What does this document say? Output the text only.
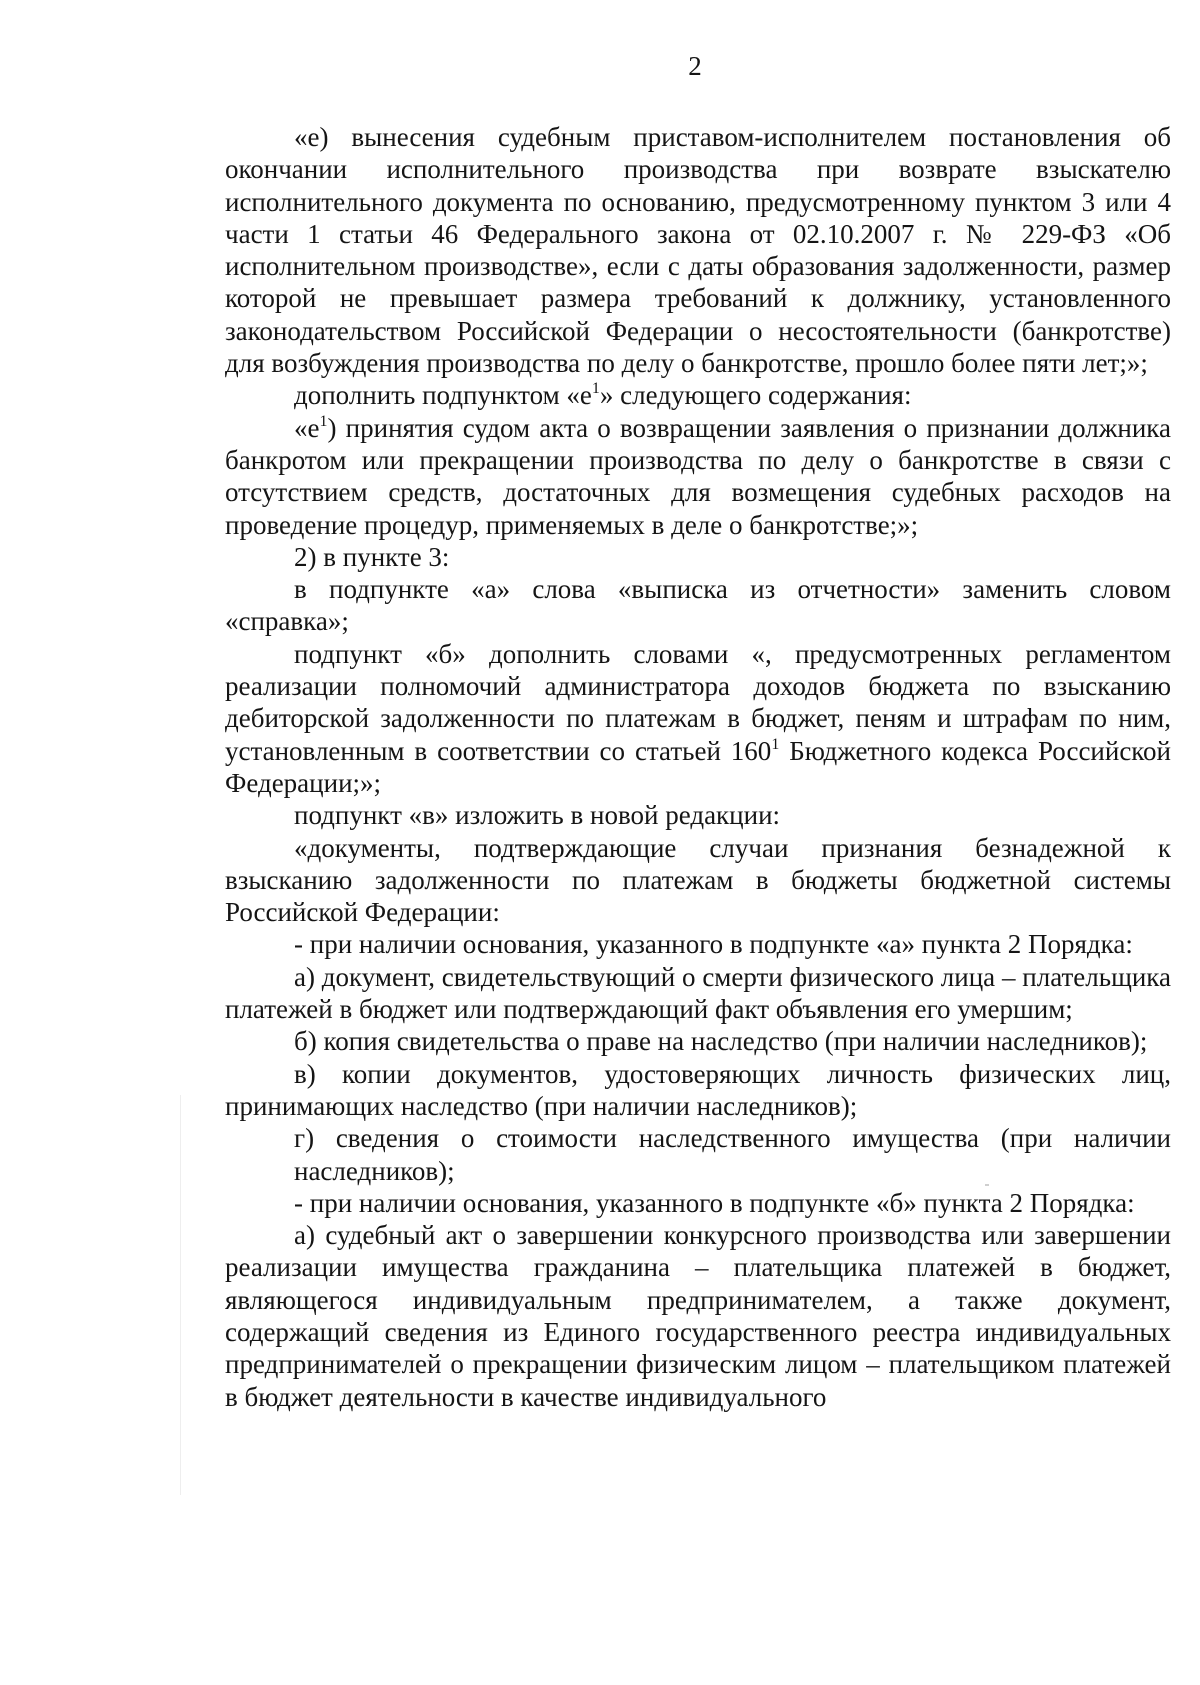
2

«е) вынесения судебным приставом-исполнителем постановления об окончании исполнительного производства при возврате взыскателю исполнительного документа по основанию, предусмотренному пунктом 3 или 4 части 1 статьи 46 Федерального закона от 02.10.2007 г. № 229-ФЗ «Об исполнительном производстве», если с даты образования задолженности, размер которой не превышает размера требований к должнику, установленного законодательством Российской Федерации о несостоятельности (банкротстве) для возбуждения производства по делу о банкротстве, прошло более пяти лет;»;

дополнить подпунктом «$е^1$» следующего содержания:

«$е^1$) принятия судом акта о возвращении заявления о признании должника банкротом или прекращении производства по делу о банкротстве в связи с отсутствием средств, достаточных для возмещения судебных расходов на проведение процедур, применяемых в деле о банкротстве;»;

2) в пункте 3:

в подпункте «а» слова «выписка из отчетности» заменить словом «справка»;

подпункт «б» дополнить словами «, предусмотренных регламентом реализации полномочий администратора доходов бюджета по взысканию дебиторской задолженности по платежам в бюджет, пеням и штрафам по ним, установленным в соответствии со статьей $160^1$ Бюджетного кодекса Российской Федерации;»;

подпункт «в» изложить в новой редакции:

«документы, подтверждающие случаи признания безнадежной к взысканию задолженности по платежам в бюджеты бюджетной системы Российской Федерации:

- при наличии основания, указанного в подпункте «а» пункта 2 Порядка:

а) документ, свидетельствующий о смерти физического лица – плательщика платежей в бюджет или подтверждающий факт объявления его умершим;

б) копия свидетельства о праве на наследство (при наличии наследников);

в) копии документов, удостоверяющих личность физических лиц, принимающих наследство (при наличии наследников);

г) сведения о стоимости наследственного имущества (при наличии наследников);

- при наличии основания, указанного в подпункте «б» пункта 2 Порядка:

а) судебный акт о завершении конкурсного производства или завершении реализации имущества гражданина – плательщика платежей в бюджет, являющегося индивидуальным предпринимателем, а также документ, содержащий сведения из Единого государственного реестра индивидуальных предпринимателей о прекращении физическим лицом – плательщиком платежей в бюджет деятельности в качестве индивидуального
